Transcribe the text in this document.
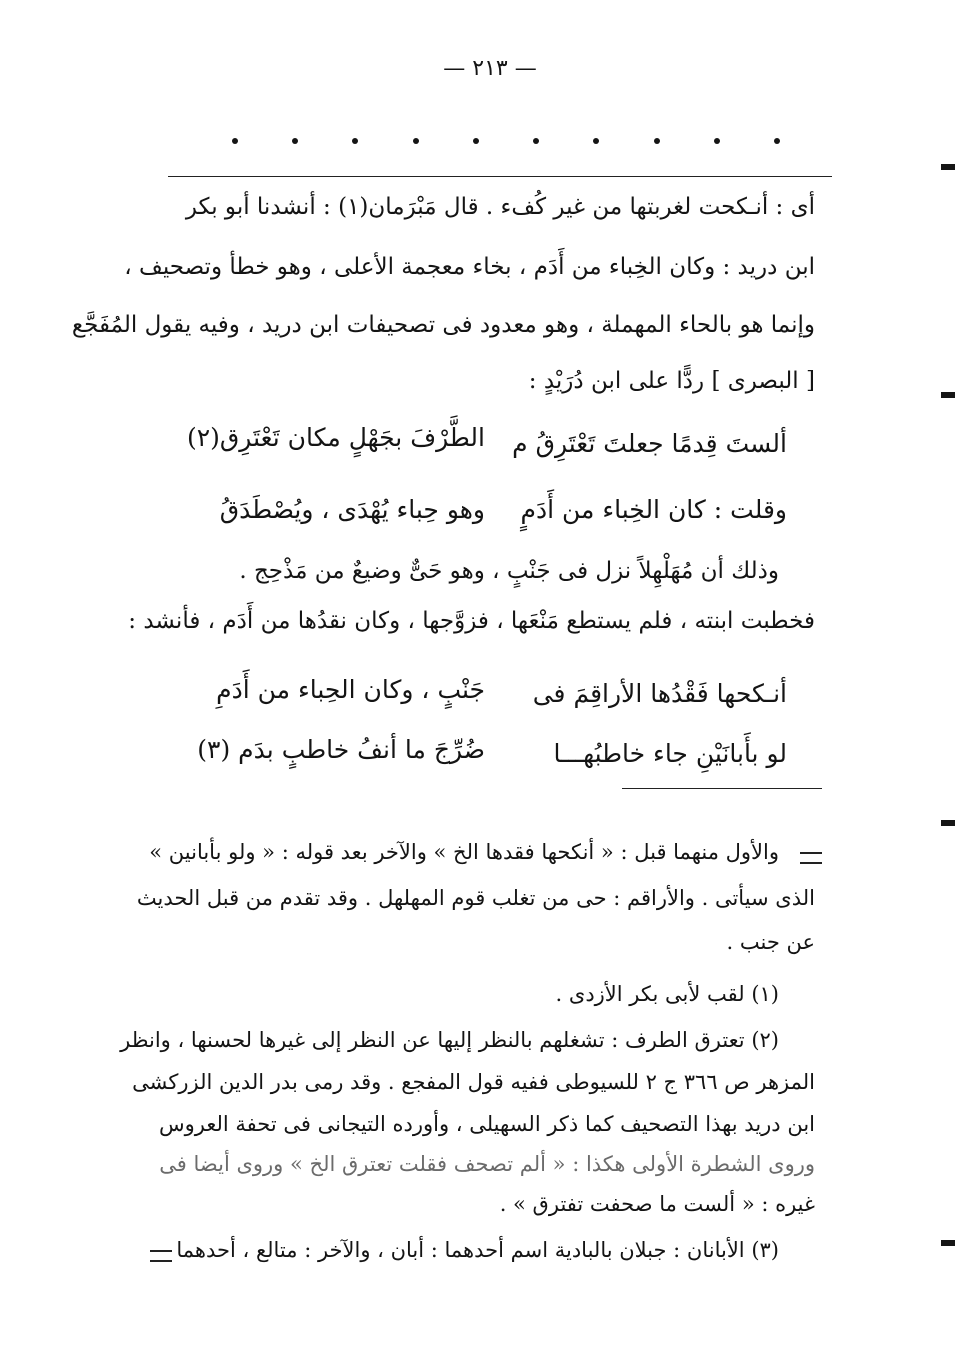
— ٢١٣ —
أى : أنـكحت لغربتها من غير كُفء . قال مَبْرَمان(١) : أنشدنا أبو بكر
ابن دريد : وكان الخِباء من أَدَم ، بخاء معجمة الأعلى ، وهو خطأ وتصحيف ،
وإنما هو بالحاء المهملة ، وهو معدود فى تصحيفات ابن دريد ، وفيه يقول المُفَجَّع
[ البصرى ] ردًّا على ابن دُرَيْدٍ :
ألستَ قِدمًا جعلتَ تَعْتَرِقُ م
الطَّرْفَ بجَهْلٍ مكان تَعْتَرِق(٢)
وقلت : كان الخِباء من أَدَمٍ
وهو حِباء يُهْدَى ، ويُصْطَدَقُ
وذلك أن مُهَلْهِلاً نزل فى جَنْبٍ ، وهو حَىٌّ وضيعٌ من مَذْحِج .
فخطبت ابنته ، فلم يستطع مَنْعَها ، فزوَّجها ، وكان نقدُها من أَدَم ، فأنشد :
أنـكحها فَقْدُها الأراقِمَ فى
جَنْبٍ ، وكان الحِباء من أَدَمِ
لو بأَبانَيْنِ جاء خاطبُهـــا
ضُرِّجَ ما أنفُ خاطبٍ بدَم (٣)
والأول منهما قبل : « أنكحها فقدها الخ » والآخر بعد قوله : « ولو بأبانين »
الذى سيأتى . والأراقم : حى من تغلب قوم المهلهل . وقد تقدم من قبل الحديث
عن جنب .
(١) لقب لأبى بكر الأزدى .
(٢) تعترق الطرف : تشغلهم بالنظر إليها عن النظر إلى غيرها لحسنها ، وانظر
المزهر ص ٣٦٦ ج ٢ للسيوطى ففيه قول المفجع . وقد رمى بدر الدين الزركشى
ابن دريد بهذا التصحيف كما ذكر السهيلى ، وأورده التيجانى فى تحفة العروس
وروى الشطرة الأولى هكذا : « ألم تصحف فقلت تعترق الخ » وروى أيضا فى
غيره : « ألست ما صحفت تفترق » .
(٣) الأبانان : جبلان بالبادية اسم أحدهما : أبان ، والآخر : متالع ، أحدهما
